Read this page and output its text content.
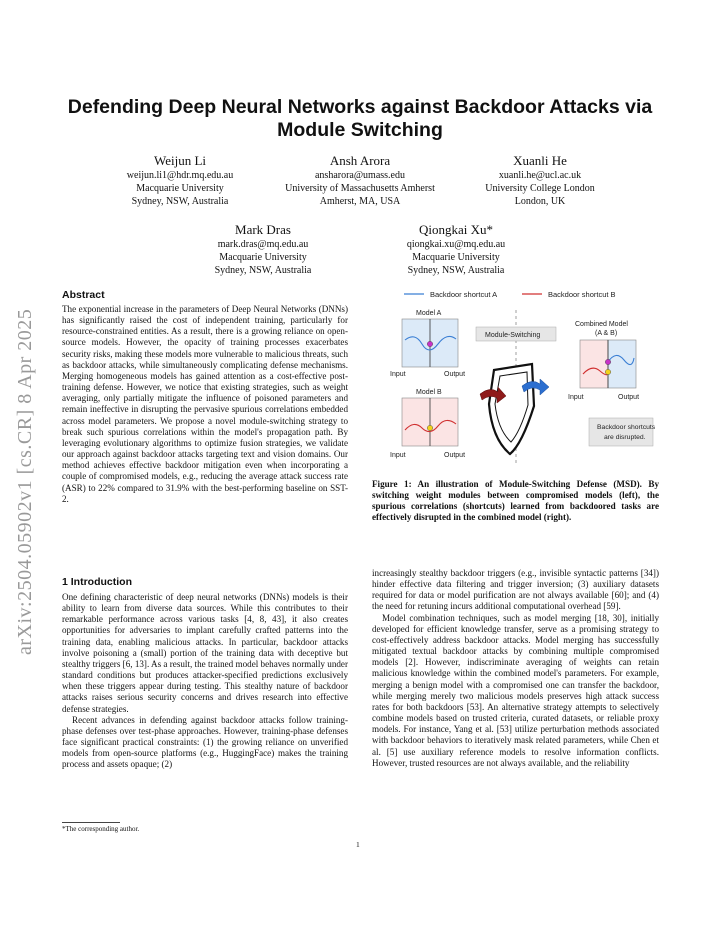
arXiv:2504.05902v1 [cs.CR] 8 Apr 2025
Defending Deep Neural Networks against Backdoor Attacks via Module Switching
Weijun Li
weijun.li1@hdr.mq.edu.au
Macquarie University
Sydney, NSW, Australia
Ansh Arora
ansharora@umass.edu
University of Massachusetts Amherst
Amherst, MA, USA
Xuanli He
xuanli.he@ucl.ac.uk
University College London
London, UK
Mark Dras
mark.dras@mq.edu.au
Macquarie University
Sydney, NSW, Australia
Qiongkai Xu*
qiongkai.xu@mq.edu.au
Macquarie University
Sydney, NSW, Australia
Abstract

The exponential increase in the parameters of Deep Neural Networks (DNNs) has significantly raised the cost of independent training, particularly for resource-constrained entities. As a result, there is a growing reliance on open-source models. However, the opacity of training processes exacerbates security risks, making these models more vulnerable to malicious threats, such as backdoor attacks, while simultaneously complicating defense mechanisms. Merging homogeneous models has gained attention as a cost-effective post-training defense. However, we notice that existing strategies, such as weight averaging, only partially mitigate the influence of poisoned parameters and remain ineffective in disrupting the pervasive spurious correlations embedded across model parameters. We propose a novel module-switching strategy to break such spurious correlations within the model's propagation path. By leveraging evolutionary algorithms to optimize fusion strategies, we validate our approach against backdoor attacks targeting text and vision domains. Our method achieves effective backdoor mitigation even when incorporating a couple of compromised models, e.g., reducing the average attack success rate (ASR) to 22% compared to 31.9% with the best-performing baseline on SST-2.

1 Introduction

One defining characteristic of deep neural networks (DNNs) models is their ability to learn from diverse data sources. While this contributes to their remarkable performance across various tasks [4, 8, 43], it also creates opportunities for adversaries to implant carefully crafted patterns into the training data, enabling malicious attacks. In particular, backdoor attacks involve poisoning a (small) portion of the training data with deceptive but stealthy triggers [6, 13]. As a result, the trained model behaves normally under standard conditions but produces attacker-specified predictions exclusively when these triggers appear during testing. This stealthy nature of backdoor attacks raises serious security concerns and drives research into effective defense strategies.

Recent advances in defending against backdoor attacks follow training-phase defenses over test-phase approaches. However, training-phase defenses face significant practical constraints: (1) the growing reliance on unverified models from open-source platforms (e.g., HuggingFace) makes the training process and assets opaque; (2)

*The corresponding author.
1
Backdoor shortcut A	Backdoor shortcut B
Model A
Input	Output
Model B
Input	Output
Module-Switching
Combined Model
(A & B)
Input	Output
Backdoor shortcuts
are disrupted.
Figure 1: An illustration of Module-Switching Defense (MSD). By switching weight modules between compromised models (left), the spurious correlations (shortcuts) learned from backdoored tasks are effectively disrupted in the combined model (right).

increasingly stealthy backdoor triggers (e.g., invisible syntactic patterns [34]) hinder effective data filtering and trigger inversion; (3) auxiliary datasets required for data or model purification are not always available [60]; and (4) the need for retuning incurs additional computational overhead [59].

Model combination techniques, such as model merging [18, 30], initially developed for efficient knowledge transfer, serve as a promising strategy to cost-effectively address backdoor attacks. Model merging has successfully mitigated textual backdoor attacks by combining multiple compromised models [2]. However, indiscriminate averaging of weights can retain malicious knowledge within the combined model's parameters. For example, merging a benign model with a compromised one can transfer the backdoor, while merging merely two malicious models preserves high attack success rates for both backdoors [53]. An alternative strategy attempts to selectively combine models based on trusted criteria, curated datasets, or reliable proxy models. For instance, Yang et al. [53] utilize perturbation methods associated with backdoor behaviors to iteratively mask related parameters, while Chen et al. [5] use auxiliary reference models to resolve information conflicts. However, trusted resources are not always available, and the reliability
